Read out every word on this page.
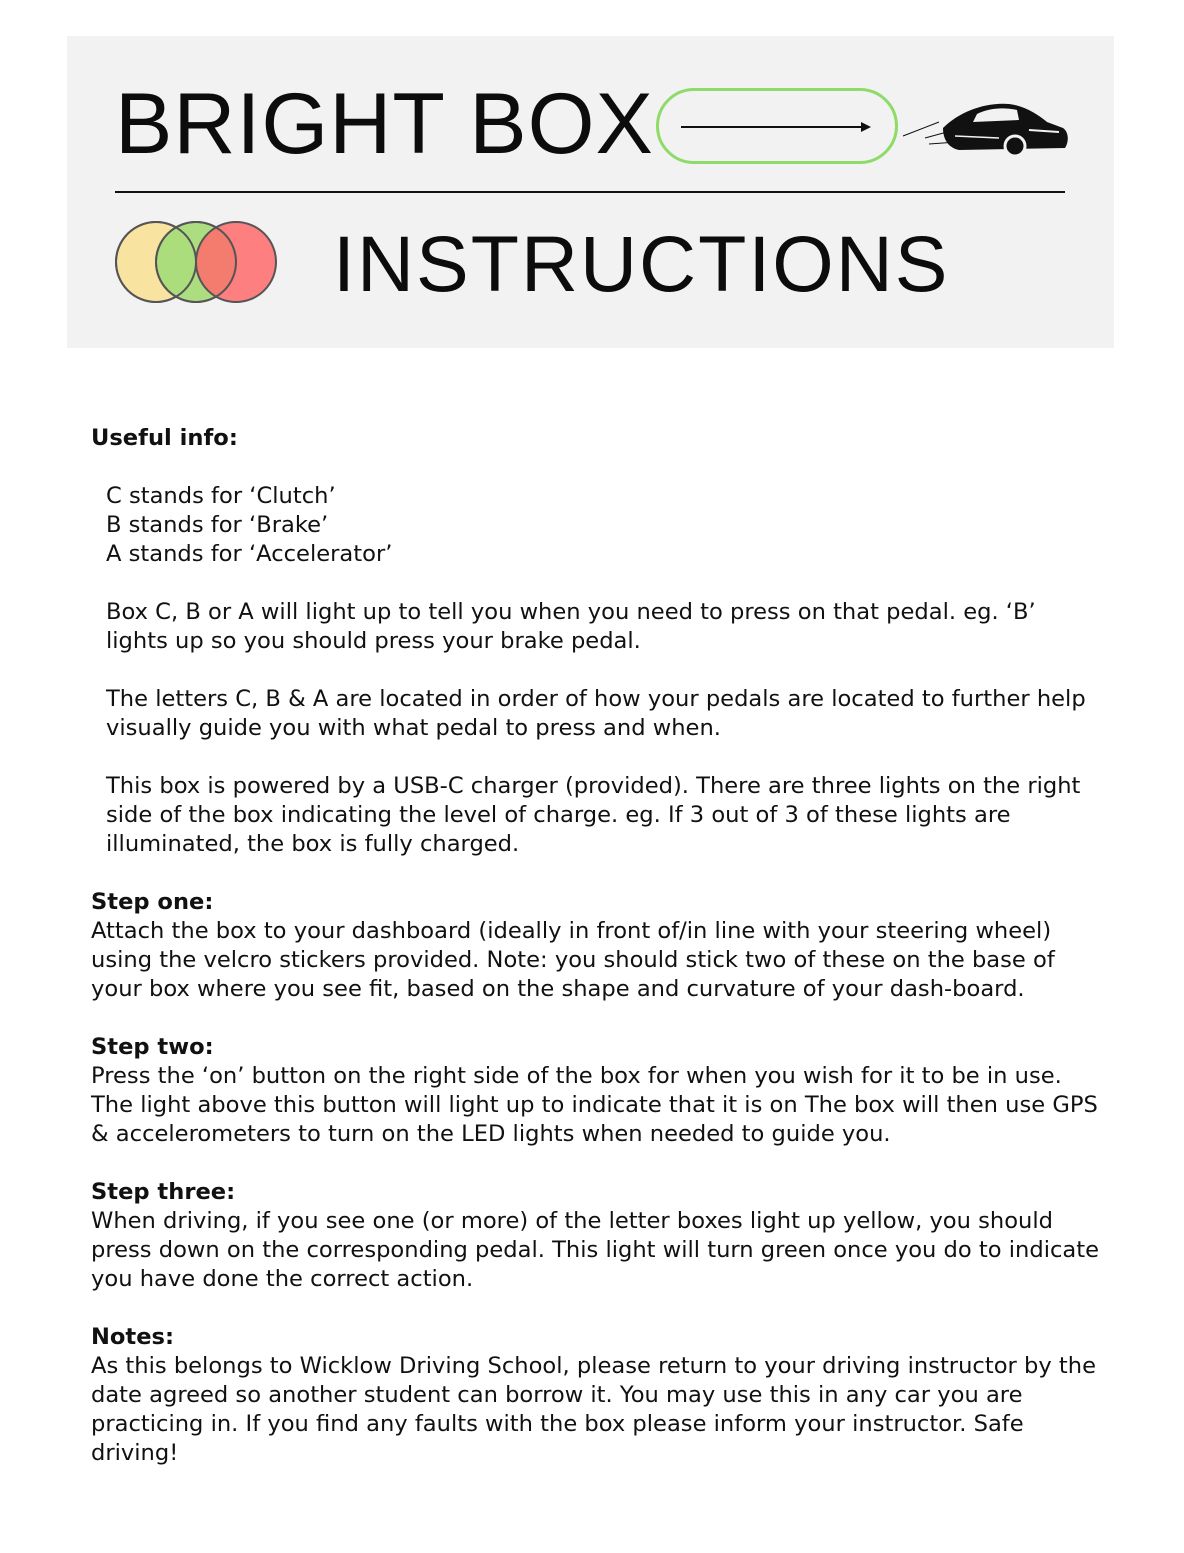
BRIGHT BOX
INSTRUCTIONS

Useful info:

C stands for ‘Clutch’

B stands for ‘Brake’

A stands for ‘Accelerator’

Box C, B or A will light up to tell you when you need to press on that pedal. eg. ‘B’ lights up so you should press your brake pedal.

The letters C, B & A are located in order of how your pedals are located to further help visually guide you with what pedal to press and when.

This box is powered by a USB-C charger (provided). There are three lights on the right side of the box indicating the level of charge. eg. If 3 out of 3 of these lights are illuminated, the box is fully charged.

Step one:

Attach the box to your dashboard (ideally in front of/in line with your steering wheel) using the velcro stickers provided. Note: you should stick two of these on the base of your box where you see fit, based on the shape and curvature of your dash-board.

Step two:

Press the ‘on’ button on the right side of the box for when you wish for it to be in use. The light above this button will light up to indicate that it is on The box will then use GPS & accelerometers to turn on the LED lights when needed to guide you.

Step three:

When driving, if you see one (or more) of the letter boxes light up yellow, you should press down on the corresponding pedal. This light will turn green once you do to indicate you have done the correct action.

Notes:

As this belongs to Wicklow Driving School, please return to your driving instructor by the date agreed so another student can borrow it. You may use this in any car you are practicing in. If you find any faults with the box please inform your instructor. Safe driving!
